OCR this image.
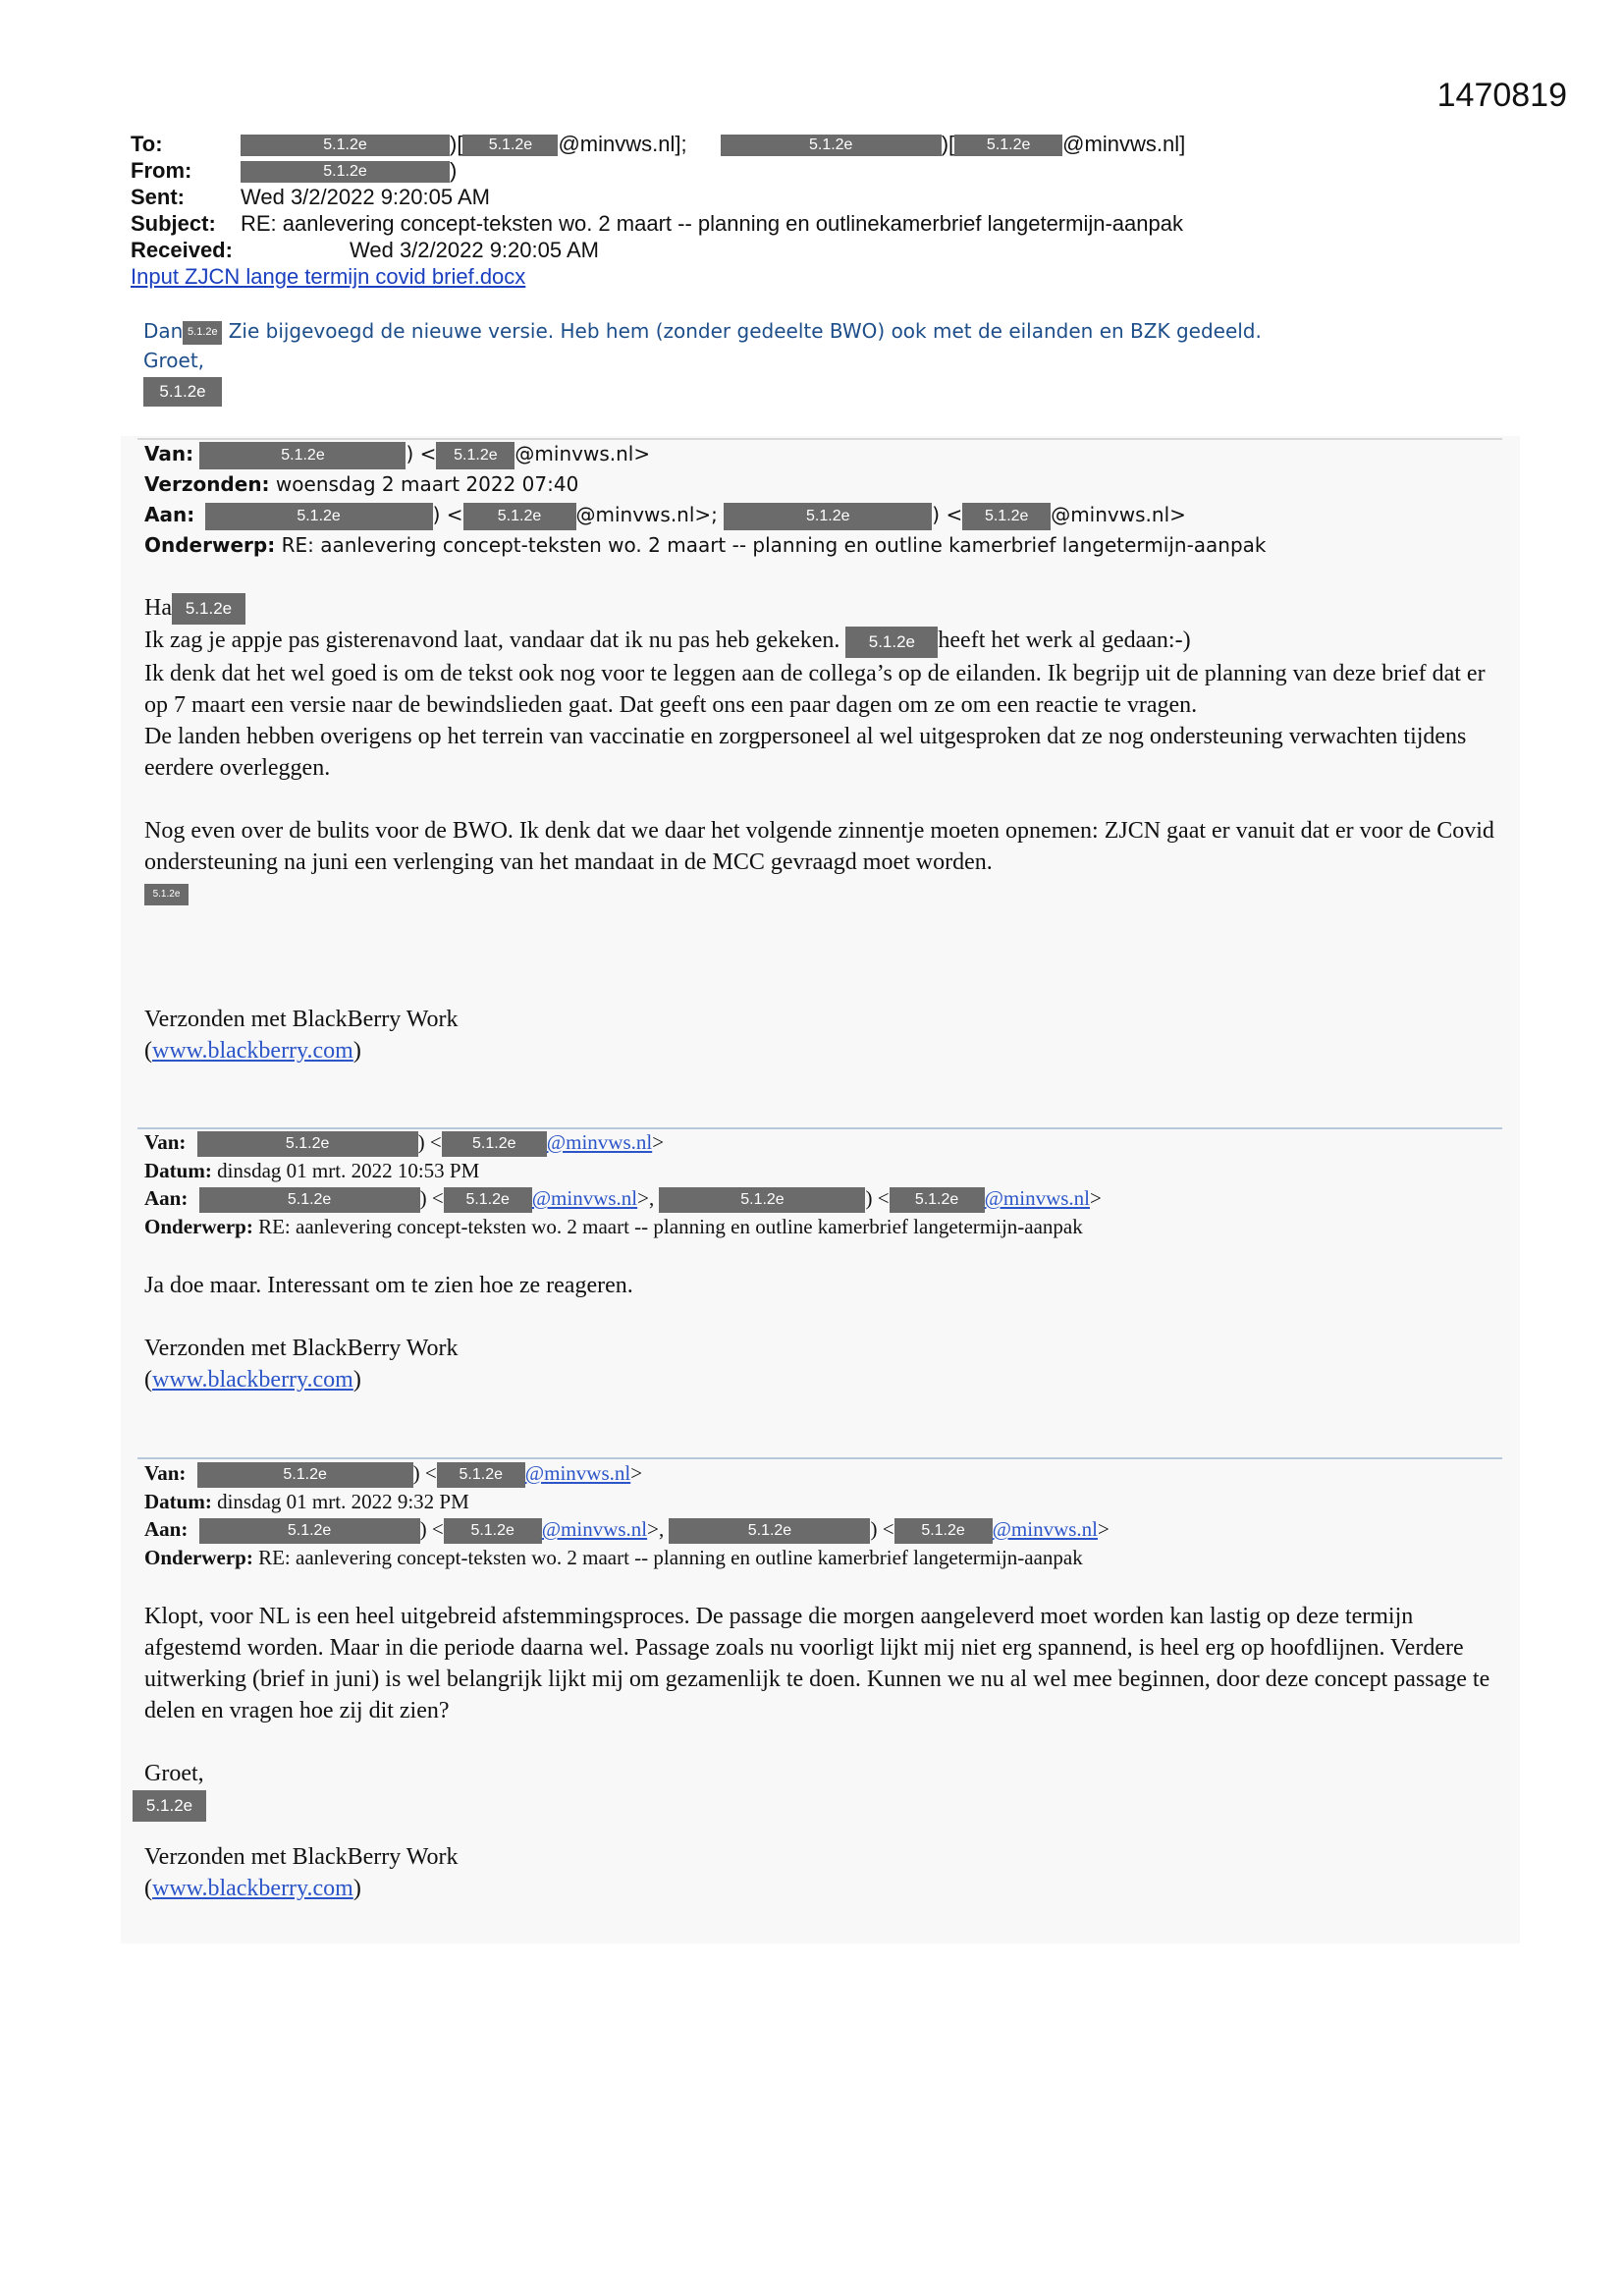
1470819
To:	5.1.2e	)[ 5.1.2e @minvws.nl];	5.1.2e	)[ 5.1.2e @minvws.nl]
From:	5.1.2e	)
Sent:	Wed 3/2/2022 9:20:05 AM
Subject: RE: aanlevering concept-teksten wo. 2 maart -- planning en outlinekamerbrief langetermijn-aanpak
Received:	Wed 3/2/2022 9:20:05 AM
Input ZJCN lange termijn covid brief.docx
Dan 5.1.2e Zie bijgevoegd de nieuwe versie. Heb hem (zonder gedeelte BWO) ook met de eilanden en BZK gedeeld.
Groet,
5.1.2e
Van:	5.1.2e	) < 5.1.2e @minvws.nl>
Verzonden: woensdag 2 maart 2022 07:40
Aan:	5.1.2e	) < 5.1.2e @minvws.nl>;	5.1.2e	) < 5.1.2e @minvws.nl>
Onderwerp: RE: aanlevering concept-teksten wo. 2 maart -- planning en outline kamerbrief langetermijn-aanpak
Ha 5.1.2e
Ik zag je appje pas gisterenavond laat, vandaar dat ik nu pas heb gekeken. 5.1.2e heeft het werk al gedaan:-)
Ik denk dat het wel goed is om de tekst ook nog voor te leggen aan de collega’s op de eilanden. Ik begrijp uit de planning van deze brief dat er op 7 maart een versie naar de bewindslieden gaat. Dat geeft ons een paar dagen om ze om een reactie te vragen.
De landen hebben overigens op het terrein van vaccinatie en zorgpersoneel al wel uitgesproken dat ze nog ondersteuning verwachten tijdens eerdere overleggen.
Nog even over de bulits voor de BWO. Ik denk dat we daar het volgende zinnentje moeten opnemen: ZJCN gaat er vanuit dat er voor de Covid ondersteuning na juni een verlenging van het mandaat in de MCC gevraagd moet worden.
5.1.2e
Verzonden met BlackBerry Work
(www.blackberry.com)
Van:	5.1.2e	) < 5.1.2e @minvws.nl>
Datum: dinsdag 01 mrt. 2022 10:53 PM
Aan:	5.1.2e	) < 5.1.2e @minvws.nl>,	5.1.2e	) < 5.1.2e @minvws.nl>
Onderwerp: RE: aanlevering concept-teksten wo. 2 maart -- planning en outline kamerbrief langetermijn-aanpak
Ja doe maar. Interessant om te zien hoe ze reageren.
Verzonden met BlackBerry Work
(www.blackberry.com)
Van:	5.1.2e	) < 5.1.2e @minvws.nl>
Datum: dinsdag 01 mrt. 2022 9:32 PM
Aan:	5.1.2e	) < 5.1.2e @minvws.nl>,	5.1.2e	) < 5.1.2e @minvws.nl>
Onderwerp: RE: aanlevering concept-teksten wo. 2 maart -- planning en outline kamerbrief langetermijn-aanpak
Klopt, voor NL is een heel uitgebreid afstemmingsproces. De passage die morgen aangeleverd moet worden kan lastig op deze termijn afgestemd worden. Maar in die periode daarna wel. Passage zoals nu voorligt lijkt mij niet erg spannend, is heel erg op hoofdlijnen. Verdere uitwerking (brief in juni) is wel belangrijk lijkt mij om gezamenlijk te doen. Kunnen we nu al wel mee beginnen, door deze concept passage te delen en vragen hoe zij dit zien?
Groet,
5.1.2e
Verzonden met BlackBerry Work
(www.blackberry.com)
